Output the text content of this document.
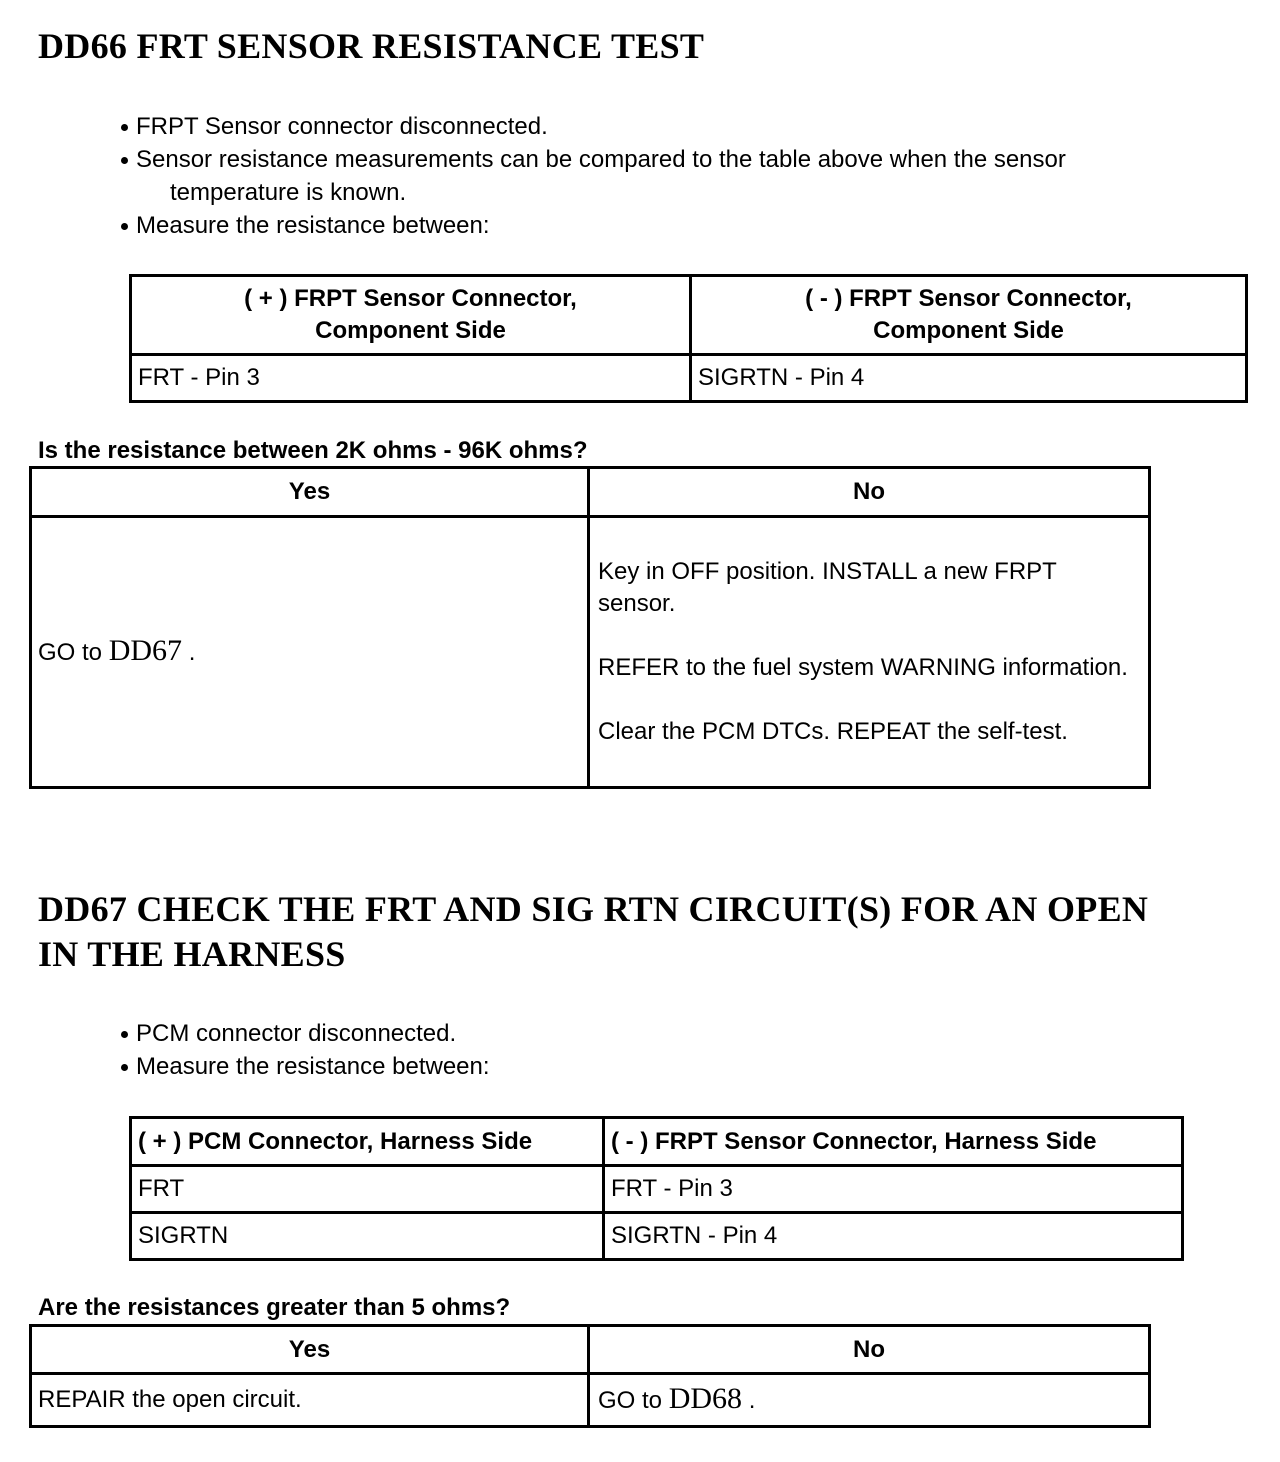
DD66 FRT SENSOR RESISTANCE TEST
FRPT Sensor connector disconnected.
Sensor resistance measurements can be compared to the table above when the sensor
temperature is known.
Measure the resistance between:
( + ) FRPT Sensor Connector,
Component Side	( - ) FRPT Sensor Connector,
Component Side
FRT - Pin 3	SIGRTN - Pin 4

Is the resistance between 2K ohms - 96K ohms?

Yes	No
GO to DD67 .	Key in OFF position. INSTALL a new FRPT sensor.
REFER to the fuel system WARNING information.
Clear the PCM DTCs. REPEAT the self-test.
DD67 CHECK THE FRT AND SIG RTN CIRCUIT(S) FOR AN OPEN
IN THE HARNESS
PCM connector disconnected.
Measure the resistance between:
( + ) PCM Connector, Harness Side	( - ) FRPT Sensor Connector, Harness Side
FRT	FRT - Pin 3
SIGRTN	SIGRTN - Pin 4

Are the resistances greater than 5 ohms?

Yes	No
REPAIR the open circuit.	GO to DD68 .
